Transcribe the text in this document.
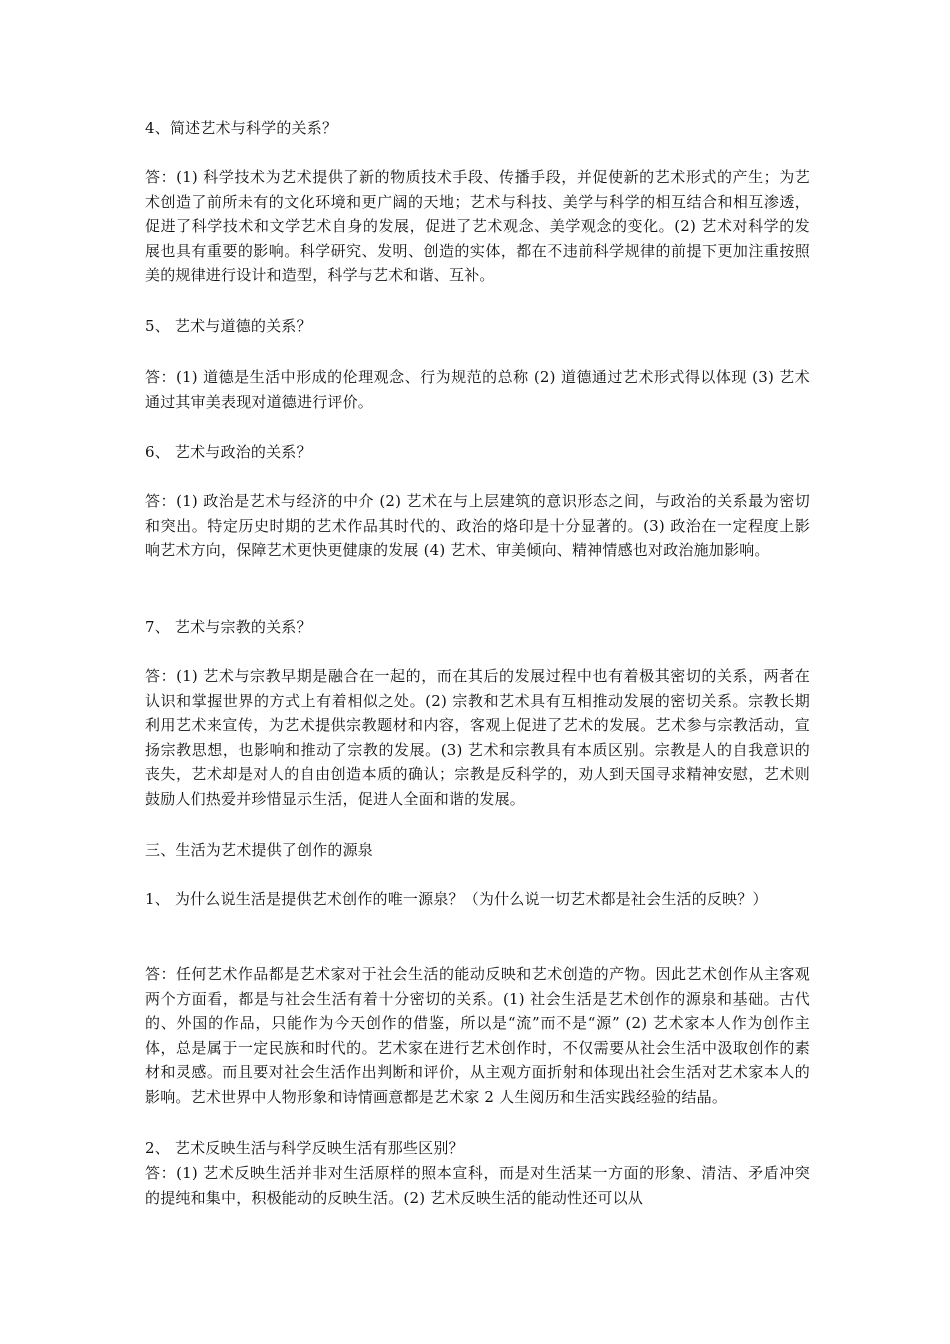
4、简述艺术与科学的关系？

答：(1) 科学技术为艺术提供了新的物质技术手段、传播手段，并促使新的艺术形式的产生；为艺术创造了前所未有的文化环境和更广阔的天地；艺术与科技、美学与科学的相互结合和相互渗透，促进了科学技术和文学艺术自身的发展，促进了艺术观念、美学观念的变化。(2) 艺术对科学的发展也具有重要的影响。科学研究、发明、创造的实体，都在不违前科学规律的前提下更加注重按照美的规律进行设计和造型，科学与艺术和谐、互补。

5、 艺术与道德的关系？

答：(1) 道德是生活中形成的伦理观念、行为规范的总称 (2) 道德通过艺术形式得以体现 (3) 艺术通过其审美表现对道德进行评价。

6、 艺术与政治的关系？

答：(1) 政治是艺术与经济的中介 (2) 艺术在与上层建筑的意识形态之间，与政治的关系最为密切和突出。特定历史时期的艺术作品其时代的、政治的烙印是十分显著的。(3) 政治在一定程度上影响艺术方向，保障艺术更快更健康的发展 (4) 艺术、审美倾向、精神情感也对政治施加影响。

7、 艺术与宗教的关系？

答：(1) 艺术与宗教早期是融合在一起的，而在其后的发展过程中也有着极其密切的关系，两者在认识和掌握世界的方式上有着相似之处。(2) 宗教和艺术具有互相推动发展的密切关系。宗教长期利用艺术来宣传，为艺术提供宗教题材和内容，客观上促进了艺术的发展。艺术参与宗教活动，宣扬宗教思想，也影响和推动了宗教的发展。(3) 艺术和宗教具有本质区别。宗教是人的自我意识的丧失，艺术却是对人的自由创造本质的确认；宗教是反科学的，劝人到天国寻求精神安慰，艺术则鼓励人们热爱并珍惜显示生活，促进人全面和谐的发展。

三、生活为艺术提供了创作的源泉

1、 为什么说生活是提供艺术创作的唯一源泉？（为什么说一切艺术都是社会生活的反映？）

答：任何艺术作品都是艺术家对于社会生活的能动反映和艺术创造的产物。因此艺术创作从主客观两个方面看，都是与社会生活有着十分密切的关系。(1) 社会生活是艺术创作的源泉和基础。古代的、外国的作品，只能作为今天创作的借鉴，所以是“流”而不是“源” (2) 艺术家本人作为创作主体，总是属于一定民族和时代的。艺术家在进行艺术创作时，不仅需要从社会生活中汲取创作的素材和灵感。而且要对社会生活作出判断和评价，从主观方面折射和体现出社会生活对艺术家本人的影响。艺术世界中人物形象和诗情画意都是艺术家 2 人生阅历和生活实践经验的结晶。

2、 艺术反映生活与科学反映生活有那些区别？

答：(1) 艺术反映生活并非对生活原样的照本宣科，而是对生活某一方面的形象、清洁、矛盾冲突的提纯和集中，积极能动的反映生活。(2) 艺术反映生活的能动性还可以从
